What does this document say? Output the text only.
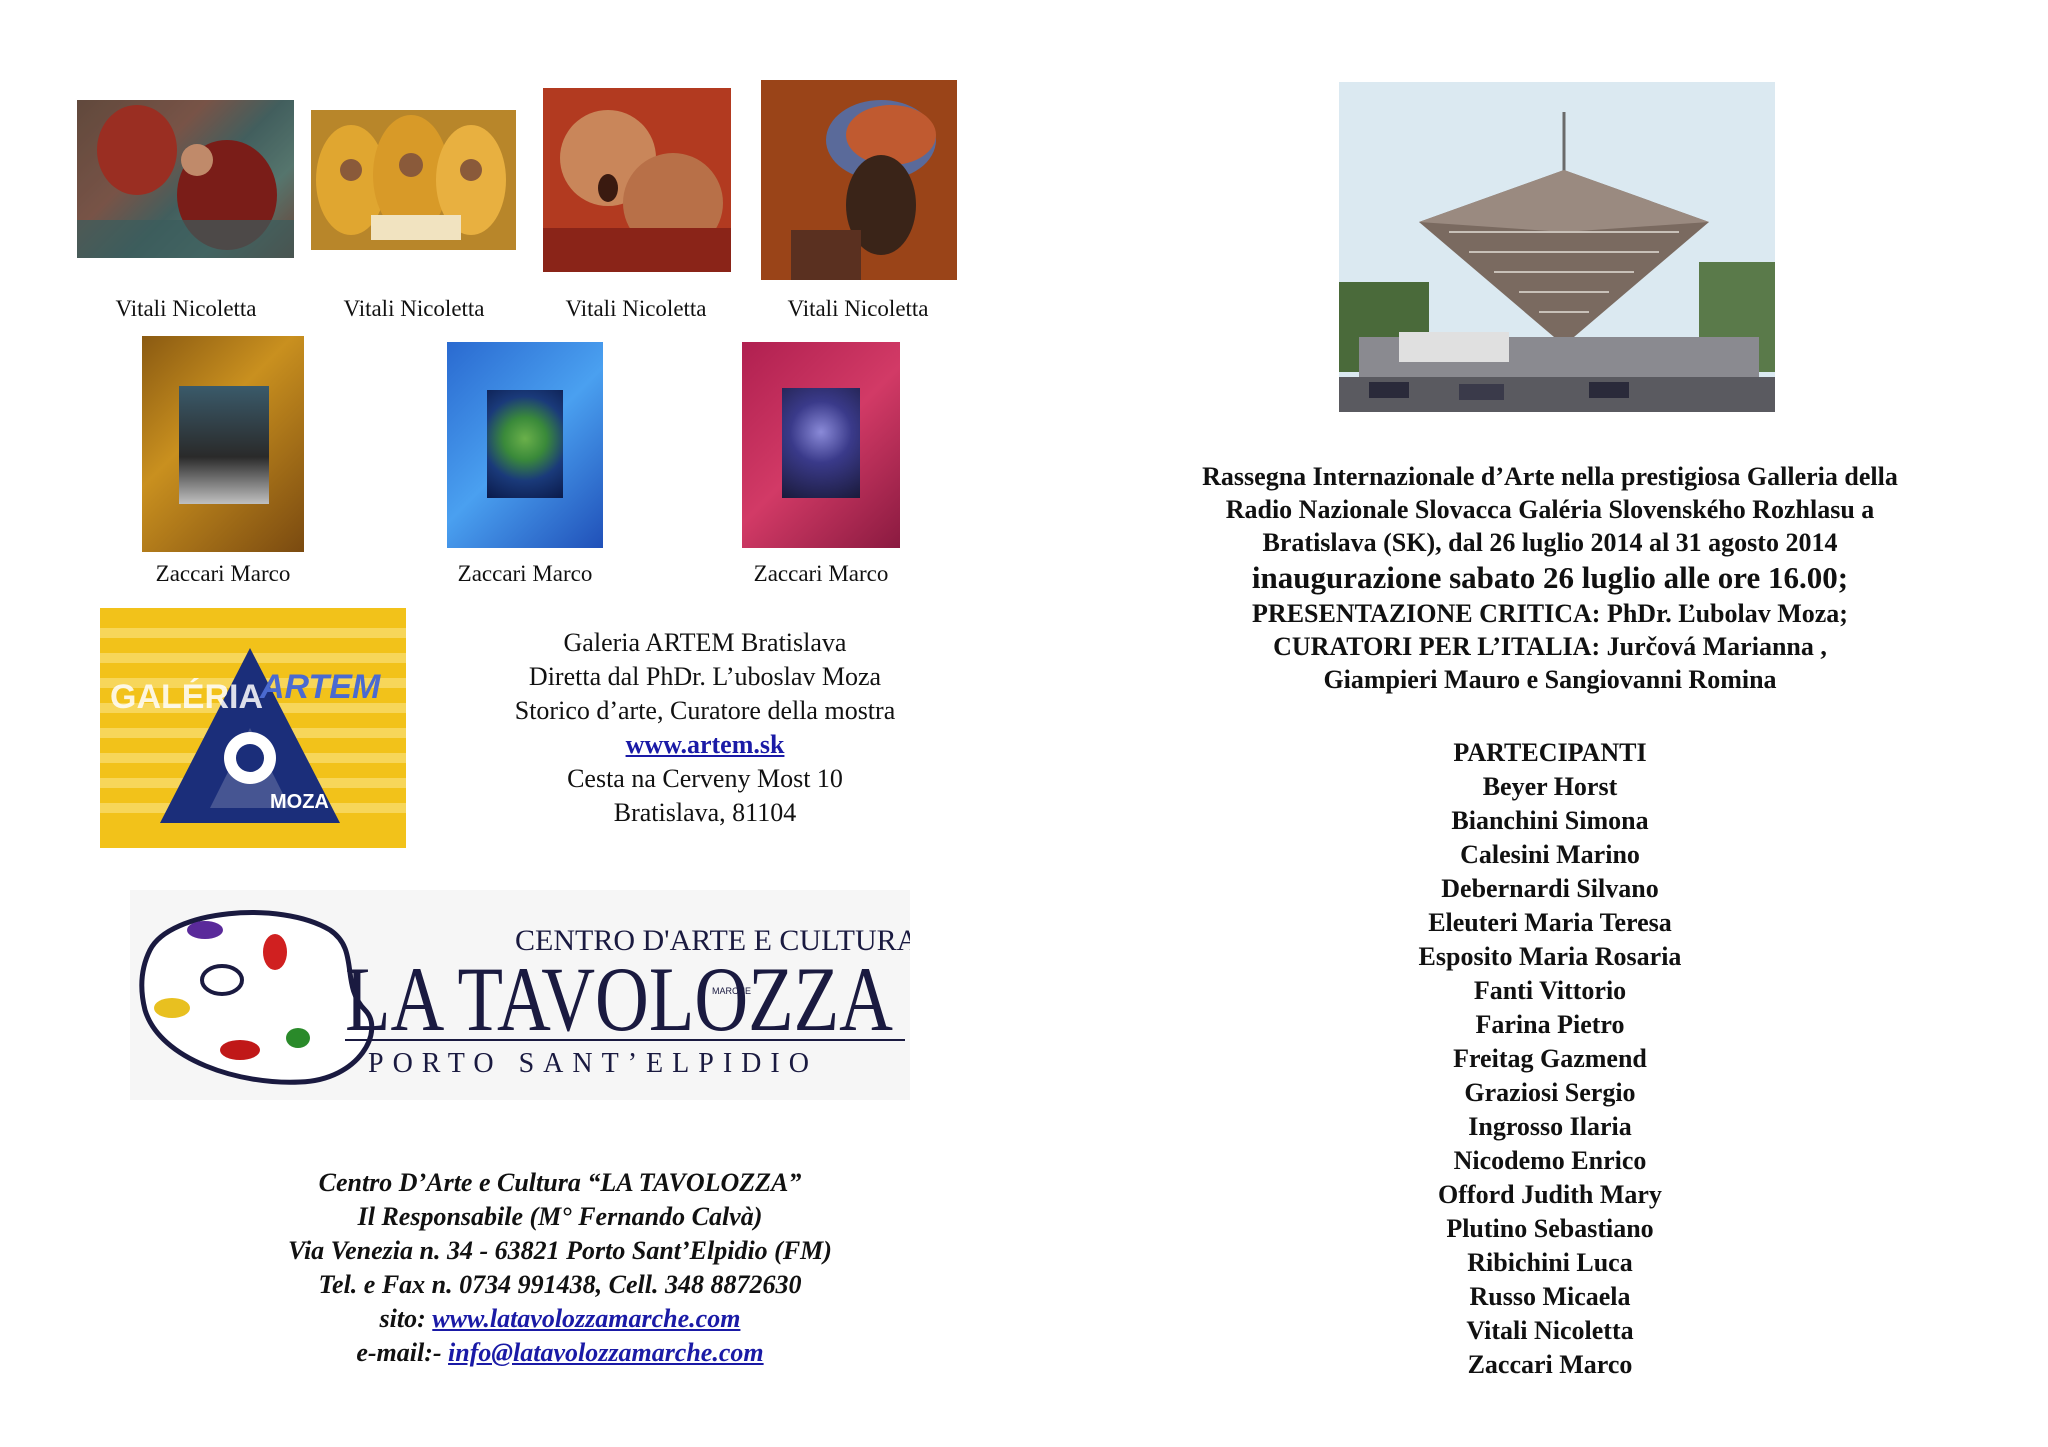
Vitali Nicoletta	Vitali Nicoletta	Vitali Nicoletta	Vitali Nicoletta
Zaccari Marco	Zaccari Marco	Zaccari Marco
GALÉRIA
ARTEM
MOZA
Galeria ARTEM Bratislava
Diretta dal PhDr. L’uboslav Moza
Storico d’arte, Curatore della mostra
www.artem.sk
Cesta na Cerveny Most 10
Bratislava, 81104
CENTRO D'ARTE E CULTURA
LA TAVOLOZZA
MARCHE
PORTO SANT’ELPIDIO
Centro D’Arte e Cultura “LA TAVOLOZZA”
Il Responsabile (M° Fernando Calvà)
Via Venezia n. 34 - 63821 Porto Sant’Elpidio (FM)
Tel. e Fax n. 0734 991438, Cell. 348 8872630
sito: www.latavolozzamarche.com
e-mail:- info@latavolozzamarche.com
Rassegna Internazionale d’Arte nella prestigiosa Galleria della
Radio Nazionale Slovacca Galéria Slovenského Rozhlasu a
Bratislava (SK), dal 26 luglio 2014 al 31 agosto 2014
inaugurazione sabato 26 luglio alle ore 16.00;
PRESENTAZIONE CRITICA: PhDr. Ľubolav Moza;
CURATORI PER L’ITALIA: Jurčová Marianna ,
Giampieri Mauro e Sangiovanni Romina
PARTECIPANTI
Beyer Horst
Bianchini Simona
Calesini Marino
Debernardi Silvano
Eleuteri Maria Teresa
Esposito Maria Rosaria
Fanti Vittorio
Farina Pietro
Freitag Gazmend
Graziosi Sergio
Ingrosso Ilaria
Nicodemo Enrico
Offord Judith Mary
Plutino Sebastiano
Ribichini Luca
Russo Micaela
Vitali Nicoletta
Zaccari Marco
